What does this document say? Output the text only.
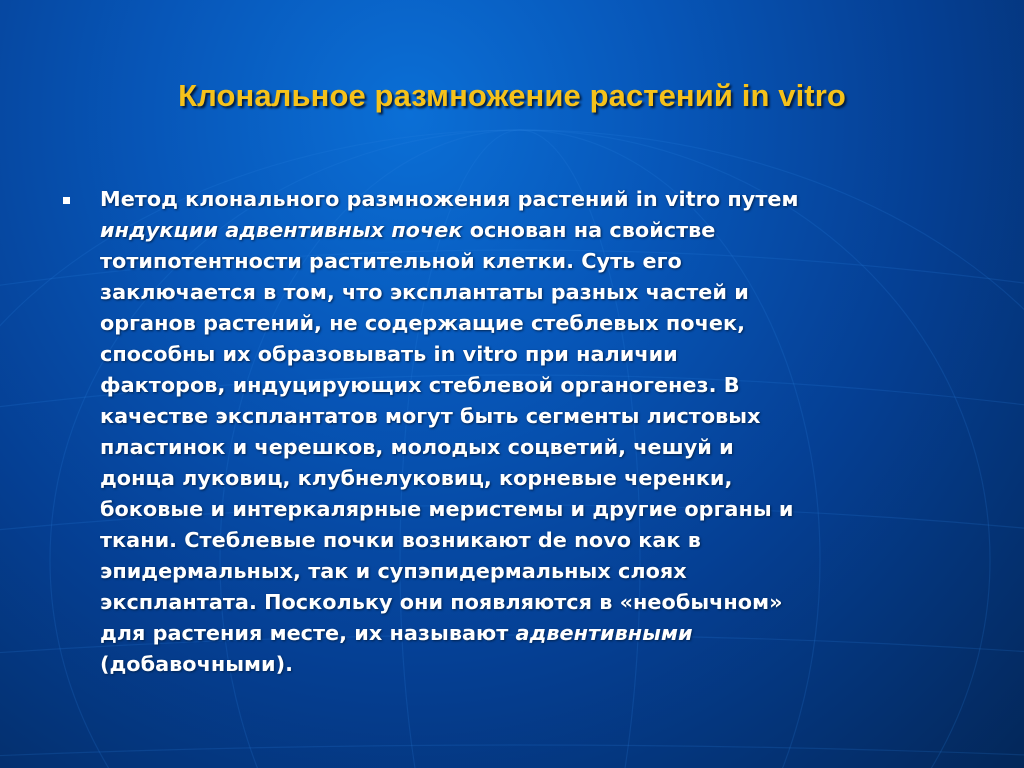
Клональное размножение растений in vitro
Метод клонального размножения растений in vitro путем
индукции адвентивных почек основан на свойстве
тотипотентности растительной клетки. Суть его
заключается в том, что эксплантаты разных частей и
органов растений, не содержащие стеблевых почек,
способны их образовывать in vitro при наличии
факторов, индуцирующих стеблевой органогенез. В
качестве эксплантатов могут быть сегменты листовых
пластинок и черешков, молодых соцветий, чешуй и
донца луковиц, клубнелуковиц, корневые черенки,
боковые и интеркалярные меристемы и другие органы и
ткани. Стеблевые почки возникают de novo как в
эпидермальных, так и супэпидермальных слоях
эксплантата. Поскольку они появляются в «необычном»
для растения месте, их называют адвентивными
(добавочными).
